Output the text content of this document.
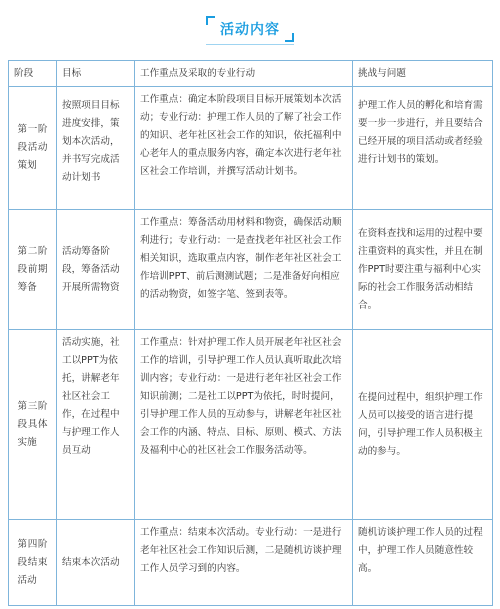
活动内容
阶段	目标	工作重点及采取的专业行动	挑战与问题
第一阶段活动策划	按照项目目标进度安排，策划本次活动，并书写完成活动计划书	工作重点：确定本阶段项目目标开展策划本次活动；专业行动：护理工作人员的了解了社会工作的知识、老年社区社会工作的知识，依托福利中心老年人的重点服务内容，确定本次进行老年社区社会工作培训，并撰写活动计划书。	护理工作人员的孵化和培育需要一步一步进行，并且要结合已经开展的项目活动或者经验进行计划书的策划。
第二阶段前期筹备	活动筹备阶段，筹备活动开展所需物资	工作重点：筹备活动用材料和物资，确保活动顺利进行；专业行动：一是查找老年社区社会工作相关知识，选取重点内容，制作老年社区社会工作培训PPT、前后测测试题；二是准备好向相应的活动物资，如签字笔、签到表等。	在资料查找和运用的过程中要注重资料的真实性，并且在制作PPT时要注重与福利中心实际的社会工作服务活动相结合。
第三阶段具体实施	活动实施，社工以PPT为依托，讲解老年社区社会工作，在过程中与护理工作人员互动	工作重点：针对护理工作人员开展老年社区社会工作的培训，引导护理工作人员认真听取此次培训内容；专业行动：一是进行老年社区社会工作知识前测；二是社工以PPT为依托，时时提问，引导护理工作人员的互动参与，讲解老年社区社会工作的内涵、特点、目标、原则、模式、方法及福利中心的社区社会工作服务活动等。	在提问过程中，组织护理工作人员可以接受的语言进行提问，引导护理工作人员积极主动的参与。
第四阶段结束活动	结束本次活动	工作重点：结束本次活动。专业行动：一是进行老年社区社会工作知识后测，二是随机访谈护理工作人员学习到的内容。	随机访谈护理工作人员的过程中，护理工作人员随意性较高。
